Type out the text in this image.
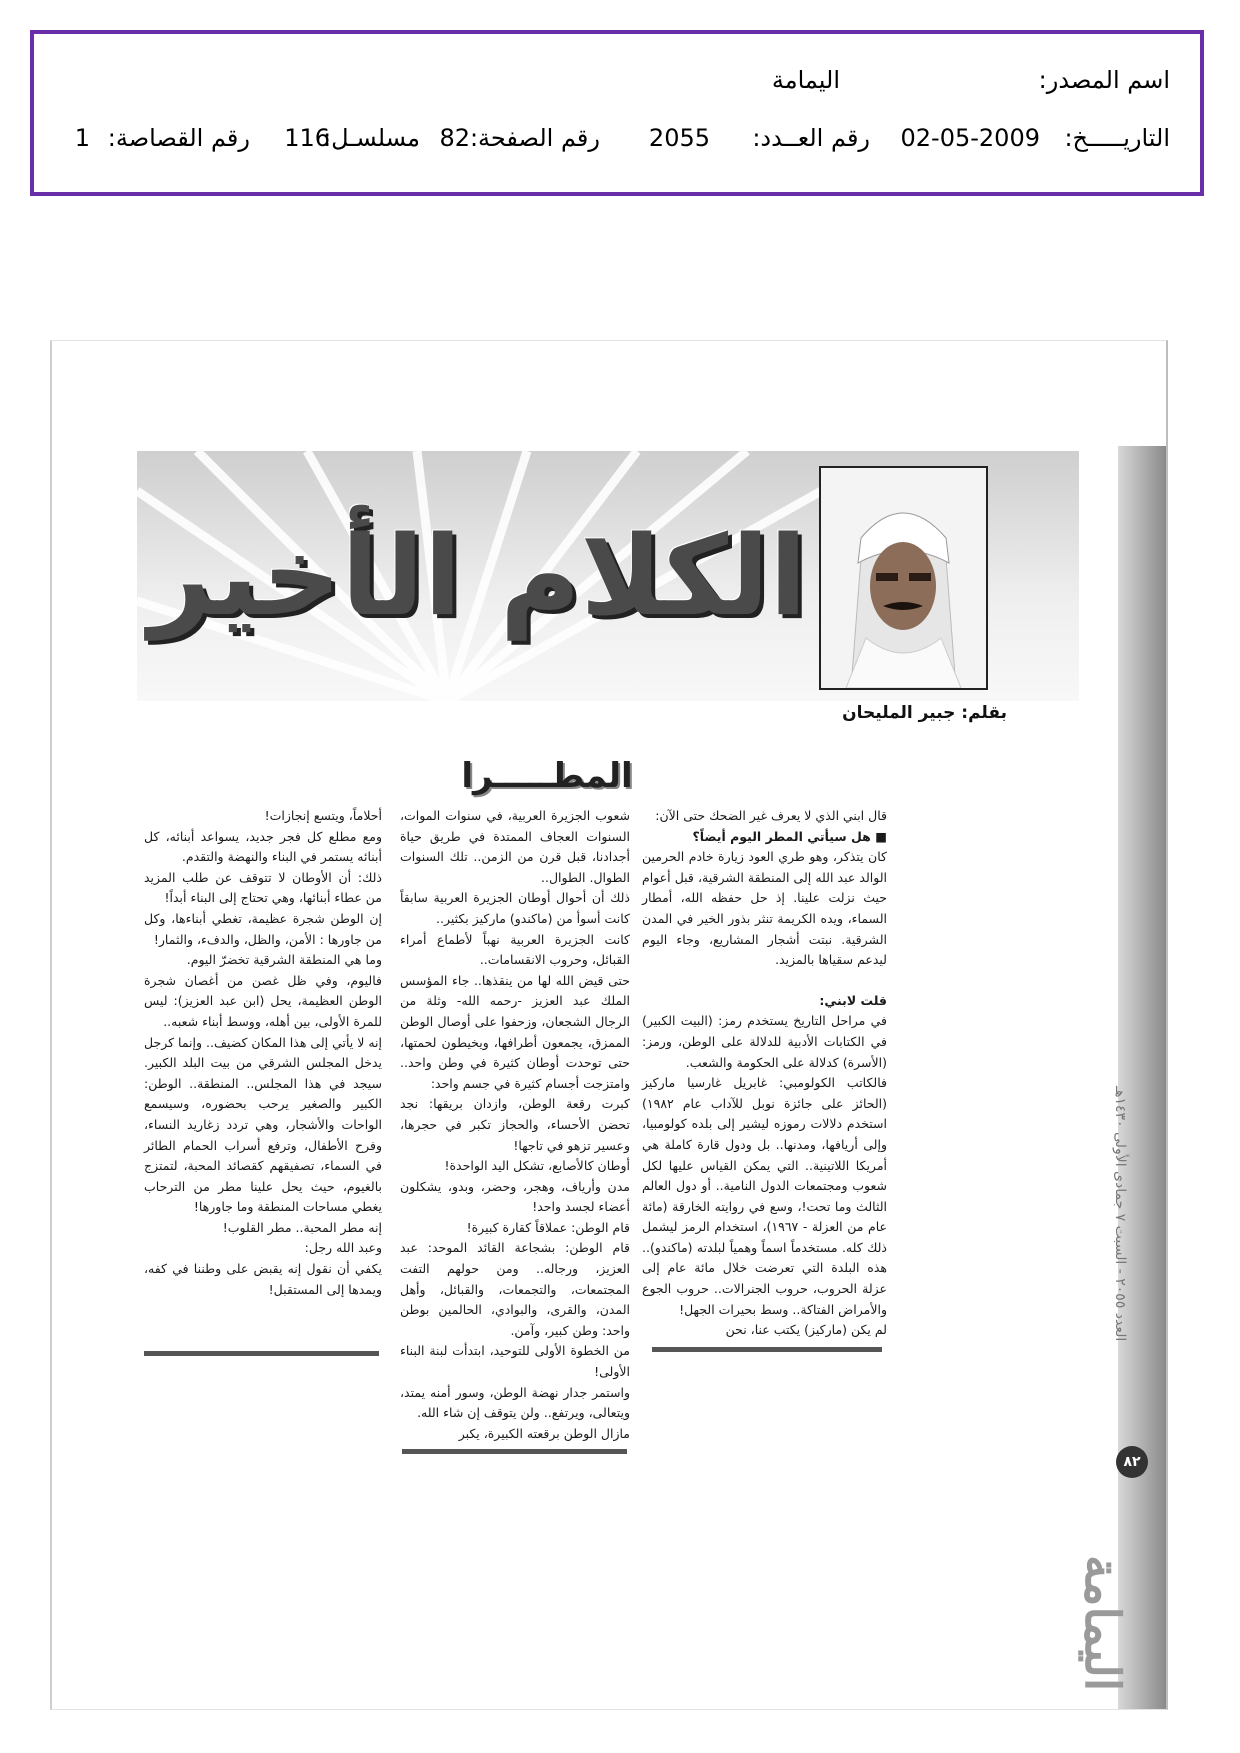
اسم المصدر:
اليمامة
التاريـــــخ:
02-05-2009
رقم العــدد:
2055
رقم الصفحة:
82
مسلسـل:
116
رقم القصاصة:
1
العدد ٢٠٥٥ - السبت ٧ جمادى الأولى ١٤٣٠هـ
٨٢
اليمامة
الكلام الأخير
بقلم: جبير المليحان
المطـــــرا

قال ابني الذي لا يعرف غير الضحك حتى الآن:

■ هل سيأتي المطر اليوم أيضاً؟

كان يتذكر، وهو طري العود زيارة خادم الحرمين الوالد عبد الله إلى المنطقة الشرقية، قبل أعوام حيث نزلت علينا. إذ حل حفظه الله، أمطار السماء، ويده الكريمة تنثر بذور الخير في المدن الشرقية. نبتت أشجار المشاريع، وجاء اليوم ليدعم سقياها بالمزيد.

قلت لابني:

في مراحل التاريخ يستخدم رمز: (البيت الكبير) في الكتابات الأدبية للدلالة على الوطن، ورمز: (الأسرة) كدلالة على الحكومة والشعب.

فالكاتب الكولومبي: غابريل غارسيا ماركيز (الحائز على جائزة نوبل للآداب عام ١٩٨٢) استخدم دلالات رموزه ليشير إلى بلده كولومبيا، وإلى أريافها، ومدنها.. بل ودول قارة كاملة هي أمريكا اللاتينية.. التي يمكن القياس عليها لكل شعوب ومجتمعات الدول النامية.. أو دول العالم الثالث وما تحت!، وسع في روايته الخارقة (مائة عام من العزلة - ١٩٦٧)، استخدام الرمز ليشمل ذلك كله. مستخدماً اسماً وهمياً لبلدته (ماكندو).. هذه البلدة التي تعرضت خلال مائة عام إلى عزلة الحروب، حروب الجنرالات.. حروب الجوع والأمراض الفتاكة.. وسط بحيرات الجهل!

لم يكن (ماركيز) يكتب عنا، نحن

شعوب الجزيرة العربية، في سنوات الموات، السنوات العجاف الممتدة في طريق حياة أجدادنا، قبل قرن من الزمن.. تلك السنوات الطوال. الطوال..

ذلك أن أحوال أوطان الجزيرة العربية سابقاً كانت أسوأ من (ماكندو) ماركيز بكثير..

كانت الجزيرة العربية نهباً لأطماع أمراء القبائل، وحروب الانقسامات..

حتى قيض الله لها من ينقذها.. جاء المؤسس الملك عبد العزيز -رحمه الله- وثلة من الرجال الشجعان، وزحفوا على أوصال الوطن الممزق، يجمعون أطرافها، ويخيطون لحمتها، حتى توحدت أوطان كثيرة في وطن واحد.. وامتزجت أجسام كثيرة في جسم واحد:

كبرت رقعة الوطن، وازدان بريقها: نجد تحضن الأحساء، والحجاز تكبر في حجرها، وعسير تزهو في تاجها!

أوطان كالأصابع، تشكل اليد الواحدة!

مدن وأرياف، وهجر، وحضر، وبدو، يشكلون أعضاء لجسد واحد!

قام الوطن: عملاقاً كقارة كبيرة!

قام الوطن: بشجاعة القائد الموحد: عبد العزيز، ورجاله.. ومن حولهم التفت المجتمعات، والتجمعات، والقبائل، وأهل المدن، والقرى، والبوادي، الحالمين بوطن واحد: وطن كبير، وآمن.

من الخطوة الأولى للتوحيد، ابتدأت لبنة البناء الأولى!

واستمر جدار نهضة الوطن، وسور أمنه يمتد، ويتعالى، ويرتفع.. ولن يتوقف إن شاء الله.

مازال الوطن برقعته الكبيرة، يكبر

أحلاماً، ويتسع إنجازات!

ومع مطلع كل فجر جديد، يسواعد أبنائه، كل أبنائه يستمر في البناء والنهضة والتقدم.

ذلك: أن الأوطان لا تتوقف عن طلب المزيد من عطاء أبنائها، وهي تحتاج إلى البناء أبداً!

إن الوطن شجرة عظيمة، تغطي أبناءها، وكل من جاورها : الأمن، والظل، والدفء، والثمار!

وما هي المنطقة الشرقية تخضرّ اليوم.

فاليوم، وفي ظل غصن من أغصان شجرة الوطن العظيمة، يحل (ابن عبد العزيز): ليس للمرة الأولى، بين أهله، ووسط أبناء شعبه..

إنه لا يأتي إلى هذا المكان كضيف.. وإنما كرجل يدخل المجلس الشرقي من بيت البلد الكبير. سيجد في هذا المجلس.. المنطقة.. الوطن: الكبير والصغير يرحب بحضوره، وسيسمع الواحات والأشجار، وهي تردد زغاريد النساء، وفرح الأطفال، وترفع أسراب الحمام الطائر في السماء، تصفيقهم كقصائد المحبة، لتمتزج بالغيوم، حيث يحل علينا مطر من الترحاب يغطي مساحات المنطقة وما جاورها!

إنه مطر المحبة.. مطر القلوب!

وعبد الله رجل:

يكفي أن نقول إنه يقبض على وطننا في كفه، ويمدها إلى المستقبل!
